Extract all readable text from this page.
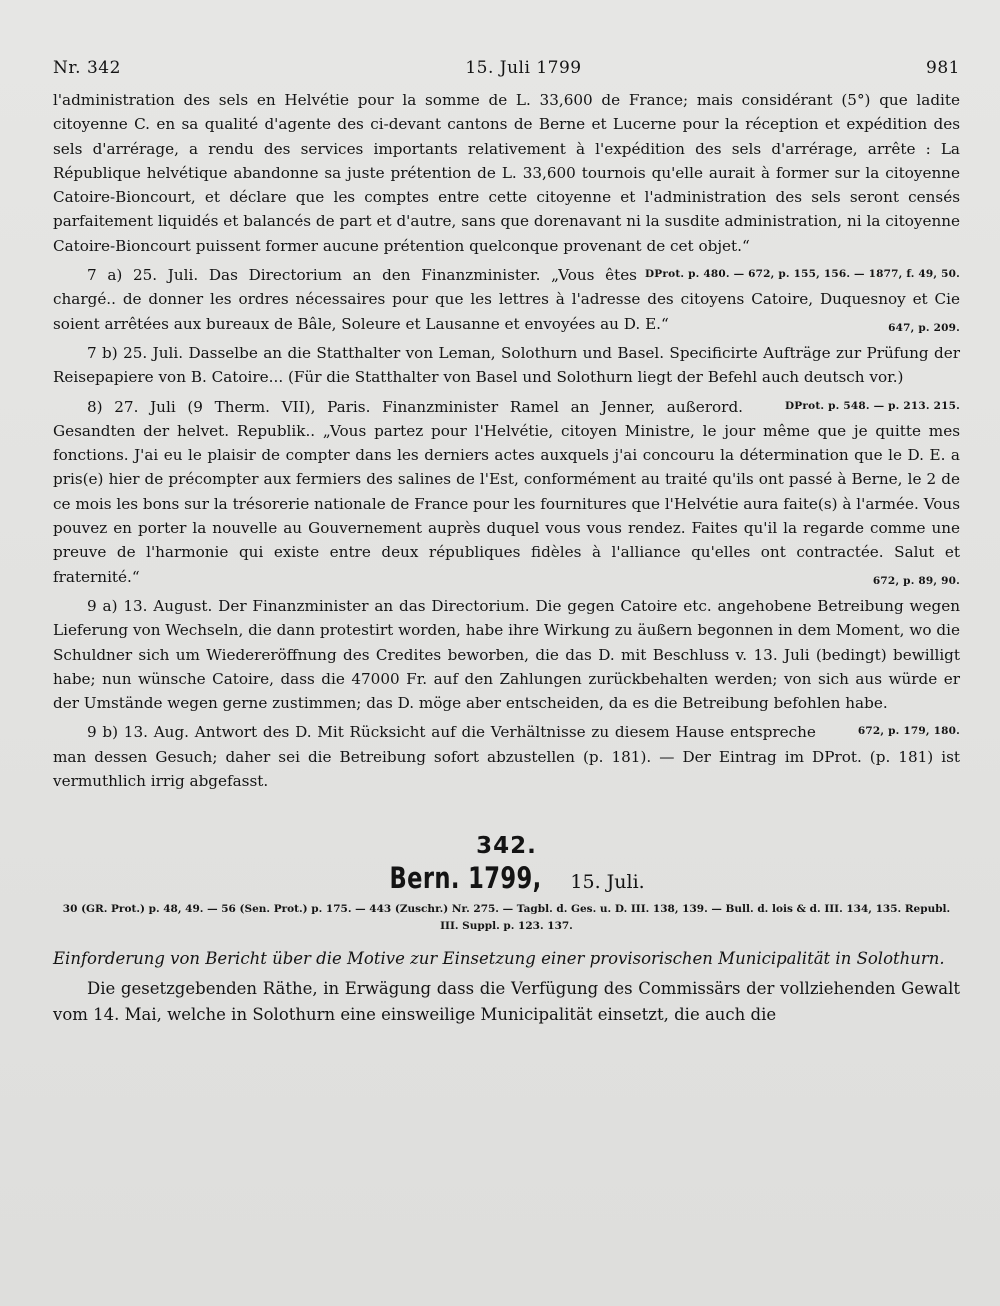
Nr. 342	15. Juli 1799	981

l'administration des sels en Helvétie pour la somme de L. 33,600 de France; mais considérant (5°) que ladite citoyenne C. en sa qualité d'agente des ci-devant cantons de Berne et Lucerne pour la réception et expédition des sels d'arrérage, a rendu des services importants relativement à l'expédition des sels d'arrérage, arrête : La République helvétique abandonne sa juste prétention de L. 33,600 tournois qu'elle aurait à former sur la citoyenne Catoire-Bioncourt, et déclare que les comptes entre cette citoyenne et l'administration des sels seront censés parfaitement liquidés et balancés de part et d'autre, sans que dorenavant ni la susdite administration, ni la citoyenne Catoire-Bioncourt puissent former aucune prétention quelconque provenant de cet objet.“
DProt. p. 480. — 672, p. 155, 156. — 1877, f. 49, 50.

7 a) 25. Juli. Das Directorium an den Finanzminister. „Vous êtes chargé.. de donner les ordres nécessaires pour que les lettres à l'adresse des citoyens Catoire, Duquesnoy et Cie soient arrêtées aux bureaux de Bâle, Soleure et Lausanne et envoyées au D. E.“	647, p. 209.

7 b) 25. Juli. Dasselbe an die Statthalter von Leman, Solothurn und Basel. Specificirte Aufträge zur Prüfung der Reisepapiere von B. Catoire... (Für die Statthalter von Basel und Solothurn liegt der Befehl auch deutsch vor.)
DProt. p. 548. — p. 213. 215.

8) 27. Juli (9 Therm. VII), Paris. Finanzminister Ramel an Jenner, außerord. Gesandten der helvet. Republik.. „Vous partez pour l'Helvétie, citoyen Ministre, le jour même que je quitte mes fonctions. J'ai eu le plaisir de compter dans les derniers actes auxquels j'ai concouru la détermination que le D. E. a pris(e) hier de précompter aux fermiers des salines de l'Est, conformément au traité qu'ils ont passé à Berne, le 2 de ce mois les bons sur la trésorerie nationale de France pour les fournitures que l'Helvétie aura faite(s) à l'armée. Vous pouvez en porter la nouvelle au Gouvernement auprès duquel vous vous rendez. Faites qu'il la regarde comme une preuve de l'harmonie qui existe entre deux républiques fidèles à l'alliance qu'elles ont contractée. Salut et fraternité.“	672, p. 89, 90.

9 a) 13. August. Der Finanzminister an das Directorium. Die gegen Catoire etc. angehobene Betreibung wegen Lieferung von Wechseln, die dann protestirt worden, habe ihre Wirkung zu äußern begonnen in dem Moment, wo die Schuldner sich um Wiedereröffnung des Credites beworben, die das D. mit Beschluss v. 13. Juli (bedingt) bewilligt habe; nun wünsche Catoire, dass die 47000 Fr. auf den Zahlungen zurückbehalten werden; von sich aus würde er der Umstände wegen gerne zustimmen; das D. möge aber entscheiden, da es die Betreibung befohlen habe.
672, p. 179, 180.

9 b) 13. Aug. Antwort des D. Mit Rücksicht auf die Verhältnisse zu diesem Hause entspreche man dessen Gesuch; daher sei die Betreibung sofort abzustellen (p. 181). — Der Eintrag im DProt. (p. 181) ist vermuthlich irrig abgefasst.

342.
Bern. 1799, 15. Juli.
30 (GR. Prot.) p. 48, 49. — 56 (Sen. Prot.) p. 175. — 443 (Zuschr.) Nr. 275. — Tagbl. d. Ges. u. D. III. 138, 139. — Bull. d. lois & d. III. 134, 135. Republ. III. Suppl. p. 123. 137.

Einforderung von Bericht über die Motive zur Einsetzung einer provisorischen Municipalität in Solothurn.

Die gesetzgebenden Räthe, in Erwägung dass die Verfügung des Commissärs der vollziehenden Gewalt vom 14. Mai, welche in Solothurn eine einsweilige Municipalität einsetzt, die auch die
